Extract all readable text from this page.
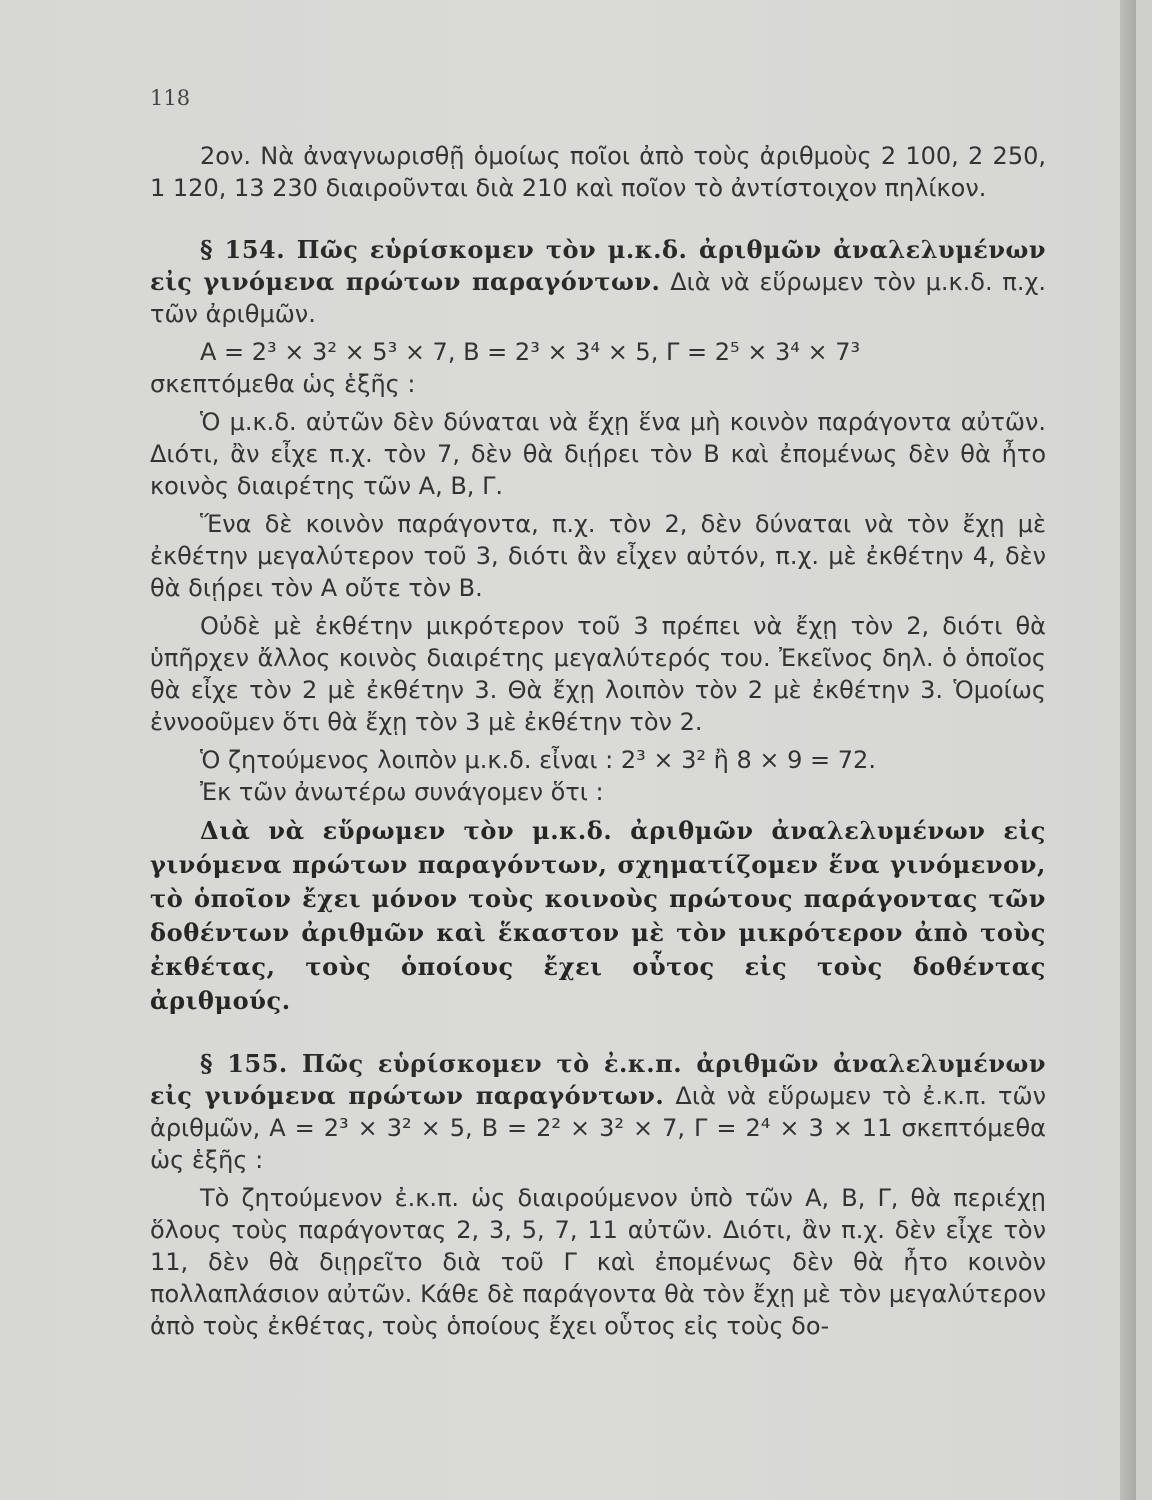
118

2ον. Νὰ ἀναγνωρισθῇ ὁμοίως ποῖοι ἀπὸ τοὺς ἀριθμοὺς 2 100, 2 250, 1 120, 13 230 διαιροῦνται διὰ 210 καὶ ποῖον τὸ ἀντίστοιχον πηλίκον.

§ 154. Πῶς εὑρίσκομεν τὸν μ.κ.δ. ἀριθμῶν ἀναλελυμένων εἰς γινόμενα πρώτων παραγόντων. Διὰ νὰ εὕρωμεν τὸν μ.κ.δ. π.χ. τῶν ἀριθμῶν.

A = 2³ × 3² × 5³ × 7, B = 2³ × 3⁴ × 5, Γ = 2⁵ × 3⁴ × 7³

σκεπτόμεθα ὡς ἑξῆς :

Ὁ μ.κ.δ. αὐτῶν δὲν δύναται νὰ ἔχῃ ἕνα μὴ κοινὸν παράγοντα αὐτῶν. Διότι, ἂν εἶχε π.χ. τὸν 7, δὲν θὰ διῄρει τὸν B καὶ ἐπομένως δὲν θὰ ἦτο κοινὸς διαιρέτης τῶν A, B, Γ.

Ἕνα δὲ κοινὸν παράγοντα, π.χ. τὸν 2, δὲν δύναται νὰ τὸν ἔχῃ μὲ ἐκθέτην μεγαλύτερον τοῦ 3, διότι ἂν εἶχεν αὐτόν, π.χ. μὲ ἐκθέτην 4, δὲν θὰ διῄρει τὸν A οὔτε τὸν B.

Οὐδὲ μὲ ἐκθέτην μικρότερον τοῦ 3 πρέπει νὰ ἔχῃ τὸν 2, διότι θὰ ὑπῆρχεν ἄλλος κοινὸς διαιρέτης μεγαλύτερός του. Ἐκεῖνος δηλ. ὁ ὁποῖος θὰ εἶχε τὸν 2 μὲ ἐκθέτην 3. Θὰ ἔχῃ λοιπὸν τὸν 2 μὲ ἐκθέτην 3. Ὁμοίως ἐννοοῦμεν ὅτι θὰ ἔχῃ τὸν 3 μὲ ἐκθέτην τὸν 2.

Ὁ ζητούμενος λοιπὸν μ.κ.δ. εἶναι : 2³ × 3² ἢ 8 × 9 = 72.

Ἐκ τῶν ἀνωτέρω συνάγομεν ὅτι :

Διὰ νὰ εὕρωμεν τὸν μ.κ.δ. ἀριθμῶν ἀναλελυμένων εἰς γινόμενα πρώτων παραγόντων, σχηματίζομεν ἕνα γινόμενον, τὸ ὁποῖον ἔχει μόνον τοὺς κοινοὺς πρώτους παράγοντας τῶν δοθέντων ἀριθμῶν καὶ ἕκαστον μὲ τὸν μικρότερον ἀπὸ τοὺς ἐκθέτας, τοὺς ὁποίους ἔχει οὗτος εἰς τοὺς δοθέντας ἀριθμούς.

§ 155. Πῶς εὑρίσκομεν τὸ ἐ.κ.π. ἀριθμῶν ἀναλελυμένων εἰς γινόμενα πρώτων παραγόντων. Διὰ νὰ εὕρωμεν τὸ ἐ.κ.π. τῶν ἀριθμῶν, A = 2³ × 3² × 5, B = 2² × 3² × 7, Γ = 2⁴ × 3 × 11 σκεπτόμεθα ὡς ἑξῆς :

Τὸ ζητούμενον ἐ.κ.π. ὡς διαιρούμενον ὑπὸ τῶν A, B, Γ, θὰ περιέχῃ ὅλους τοὺς παράγοντας 2, 3, 5, 7, 11 αὐτῶν. Διότι, ἂν π.χ. δὲν εἶχε τὸν 11, δὲν θὰ διῃρεῖτο διὰ τοῦ Γ καὶ ἐπομένως δὲν θὰ ἦτο κοινὸν πολλαπλάσιον αὐτῶν. Κάθε δὲ παράγοντα θὰ τὸν ἔχῃ μὲ τὸν μεγαλύτερον ἀπὸ τοὺς ἐκθέτας, τοὺς ὁποίους ἔχει οὗτος εἰς τοὺς δο-
